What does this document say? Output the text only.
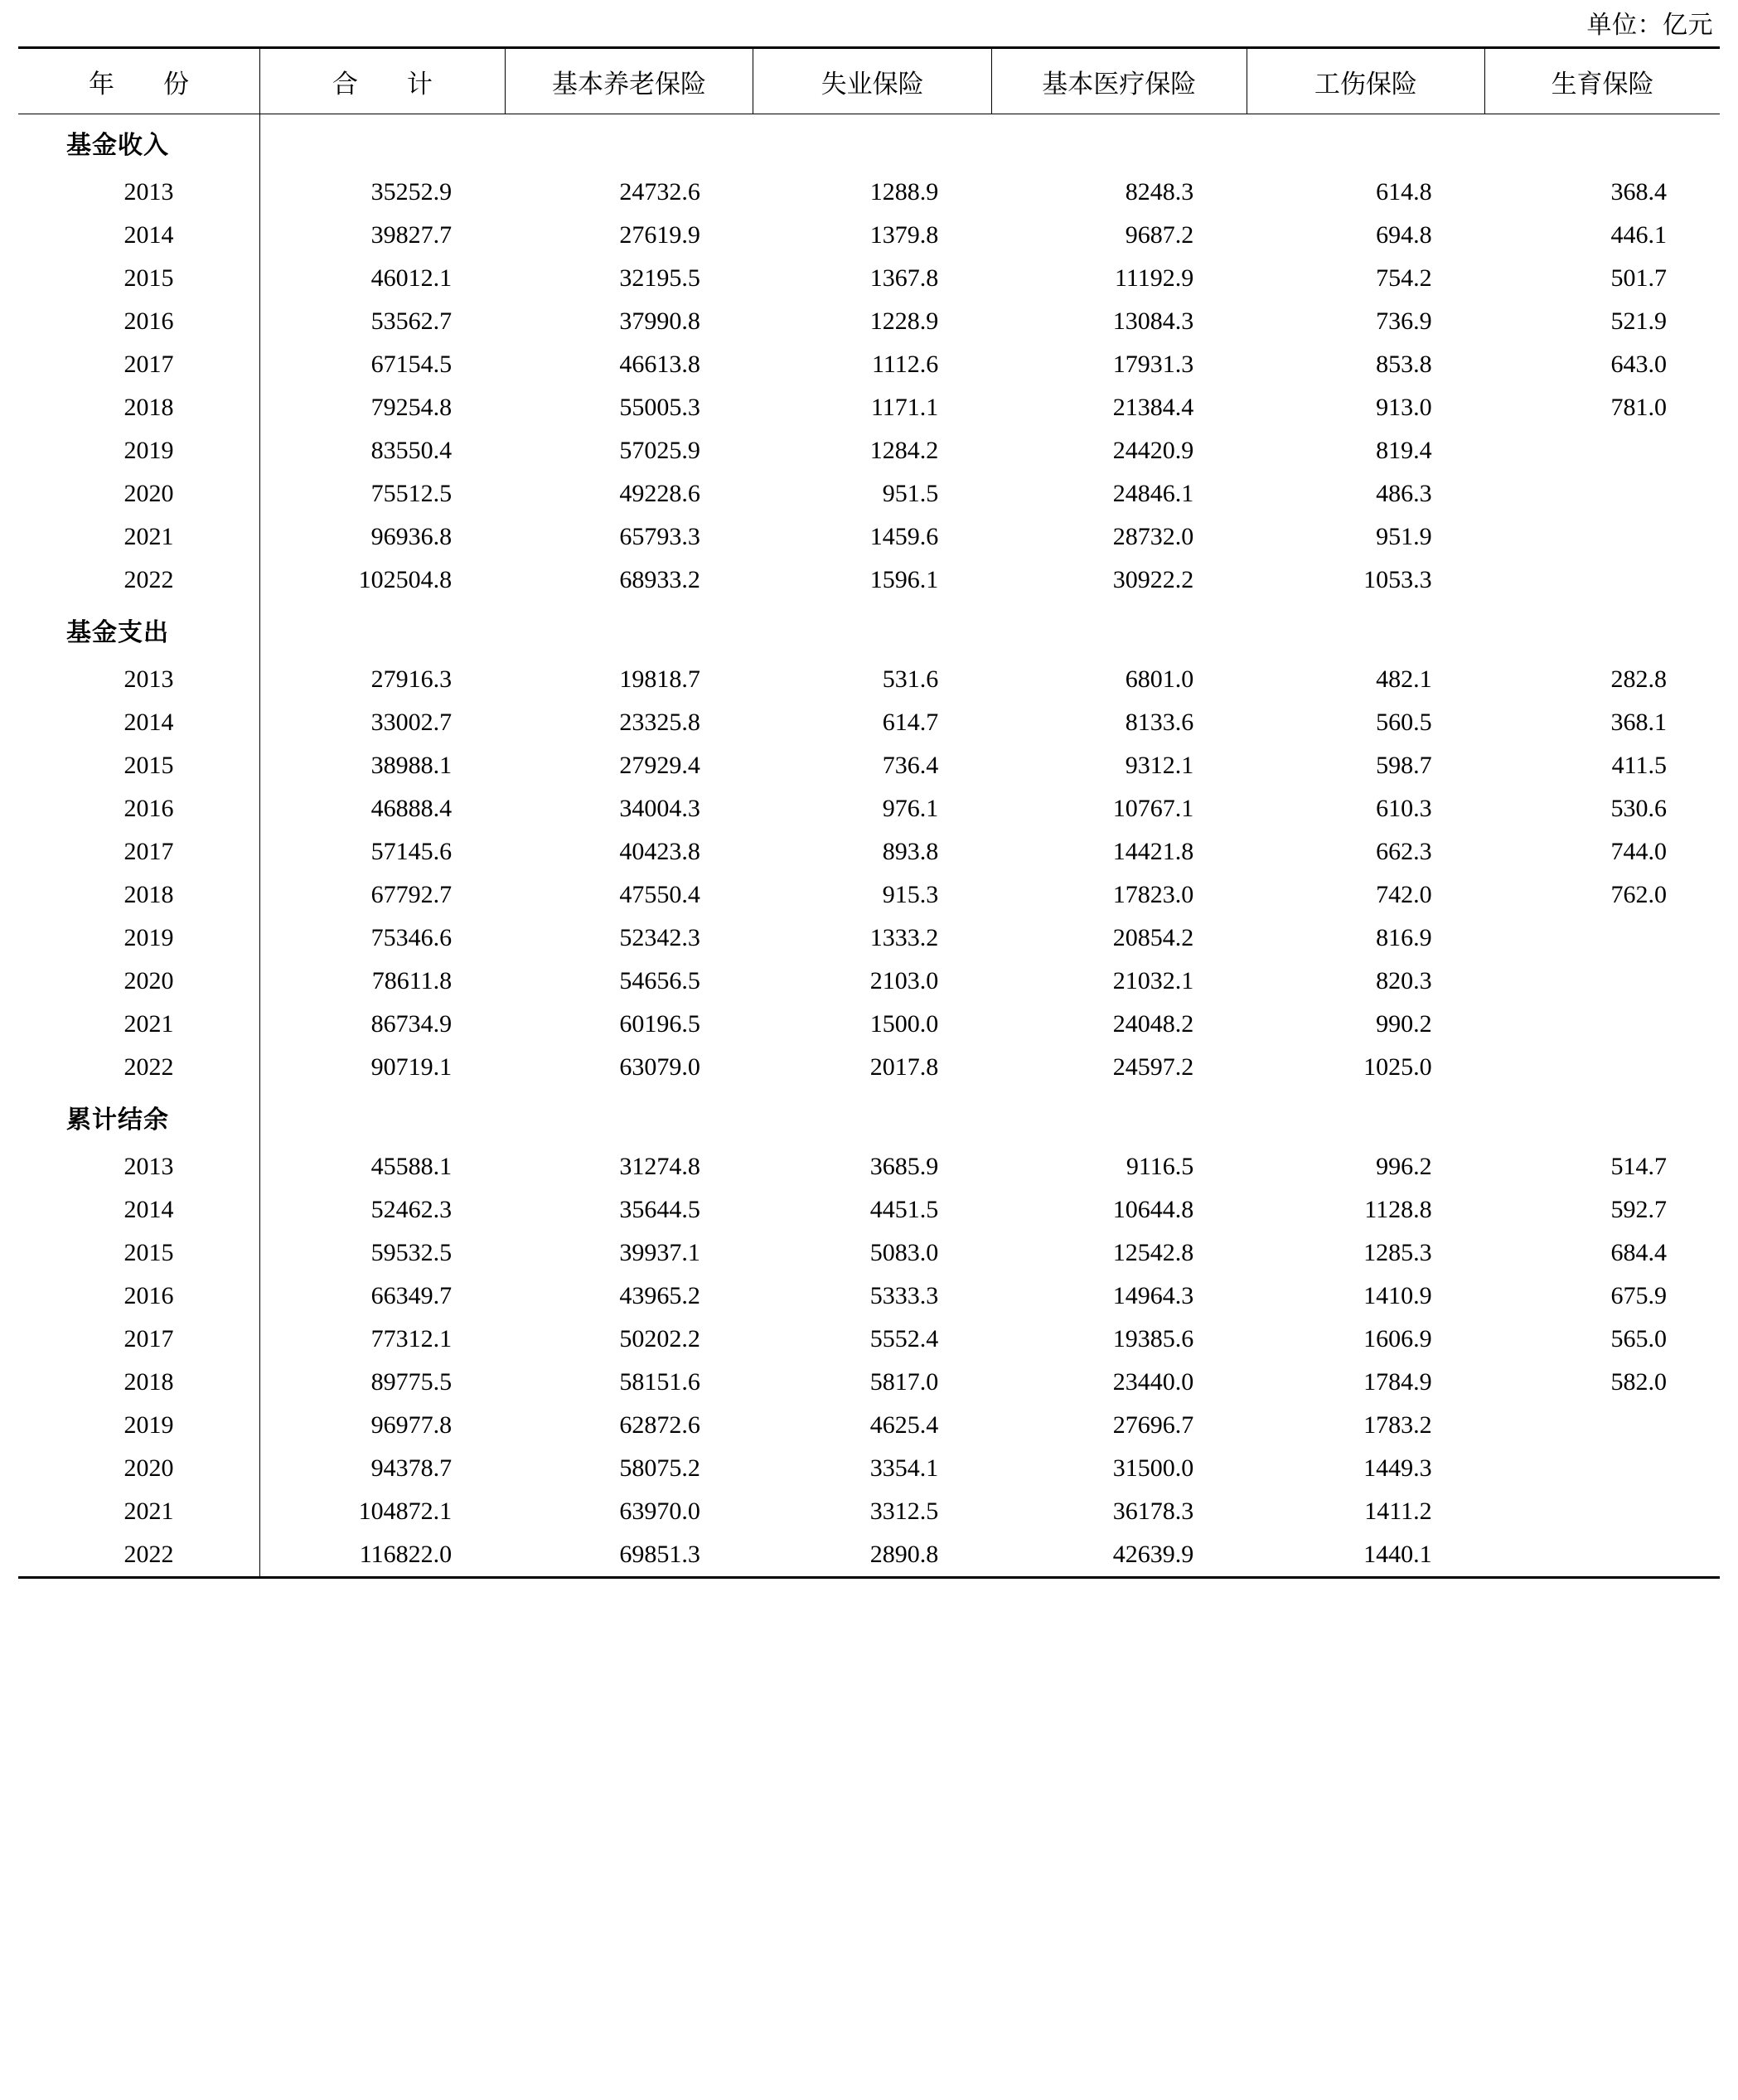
单位：亿元
年　份	合　计	基本养老保险	失业保险	基本医疗保险	工伤保险	生育保险
基金收入						
2013	35252.9	24732.6	1288.9	8248.3	614.8	368.4
2014	39827.7	27619.9	1379.8	9687.2	694.8	446.1
2015	46012.1	32195.5	1367.8	11192.9	754.2	501.7
2016	53562.7	37990.8	1228.9	13084.3	736.9	521.9
2017	67154.5	46613.8	1112.6	17931.3	853.8	643.0
2018	79254.8	55005.3	1171.1	21384.4	913.0	781.0
2019	83550.4	57025.9	1284.2	24420.9	819.4	
2020	75512.5	49228.6	951.5	24846.1	486.3	
2021	96936.8	65793.3	1459.6	28732.0	951.9	
2022	102504.8	68933.2	1596.1	30922.2	1053.3	
基金支出						
2013	27916.3	19818.7	531.6	6801.0	482.1	282.8
2014	33002.7	23325.8	614.7	8133.6	560.5	368.1
2015	38988.1	27929.4	736.4	9312.1	598.7	411.5
2016	46888.4	34004.3	976.1	10767.1	610.3	530.6
2017	57145.6	40423.8	893.8	14421.8	662.3	744.0
2018	67792.7	47550.4	915.3	17823.0	742.0	762.0
2019	75346.6	52342.3	1333.2	20854.2	816.9	
2020	78611.8	54656.5	2103.0	21032.1	820.3	
2021	86734.9	60196.5	1500.0	24048.2	990.2	
2022	90719.1	63079.0	2017.8	24597.2	1025.0	
累计结余						
2013	45588.1	31274.8	3685.9	9116.5	996.2	514.7
2014	52462.3	35644.5	4451.5	10644.8	1128.8	592.7
2015	59532.5	39937.1	5083.0	12542.8	1285.3	684.4
2016	66349.7	43965.2	5333.3	14964.3	1410.9	675.9
2017	77312.1	50202.2	5552.4	19385.6	1606.9	565.0
2018	89775.5	58151.6	5817.0	23440.0	1784.9	582.0
2019	96977.8	62872.6	4625.4	27696.7	1783.2	
2020	94378.7	58075.2	3354.1	31500.0	1449.3	
2021	104872.1	63970.0	3312.5	36178.3	1411.2	
2022	116822.0	69851.3	2890.8	42639.9	1440.1	
